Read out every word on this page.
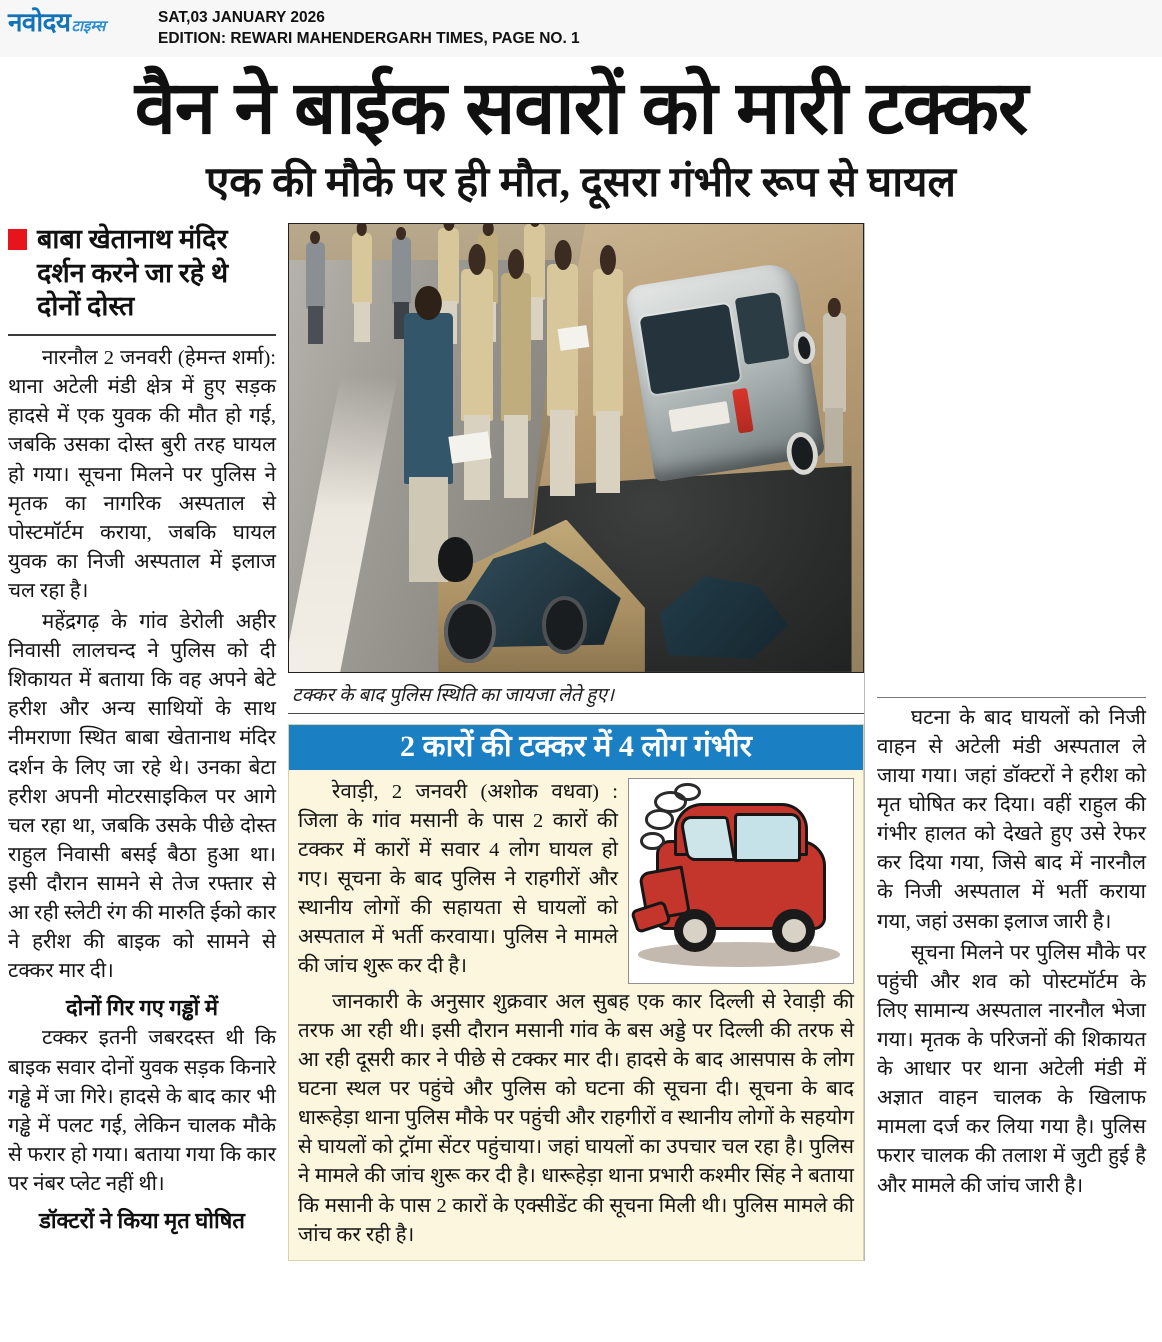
नवोदय टाइम्स
SAT,03 JANUARY 2026
EDITION: REWARI MAHENDERGARH TIMES, PAGE NO. 1
वैन ने बाईक सवारों को मारी टक्कर
एक की मौके पर ही मौत, दूसरा गंभीर रूप से घायल
बाबा खेतानाथ मंदिर दर्शन करने जा रहे थे दोनों दोस्त

नारनौल 2 जनवरी (हेमन्त शर्मा): थाना अटेली मंडी क्षेत्र में हुए सड़क हादसे में एक युवक की मौत हो गई, जबकि उसका दोस्त बुरी तरह घायल हो गया। सूचना मिलने पर पुलिस ने मृतक का नागरिक अस्पताल से पोस्टमॉर्टम कराया, जबकि घायल युवक का निजी अस्पताल में इलाज चल रहा है।

महेंद्रगढ़ के गांव डेरोली अहीर निवासी लालचन्द ने पुलिस को दी शिकायत में बताया कि वह अपने बेटे हरीश और अन्य साथियों के साथ नीमराणा स्थित बाबा खेतानाथ मंदिर दर्शन के लिए जा रहे थे। उनका बेटा हरीश अपनी मोटरसाइकिल पर आगे चल रहा था, जबकि उसके पीछे दोस्त राहुल निवासी बसई बैठा हुआ था। इसी दौरान सामने से तेज रफ्तार से आ रही स्लेटी रंग की मारुति ईको कार ने हरीश की बाइक को सामने से टक्कर मार दी।

दोनों गिर गए गड्ढों में

टक्कर इतनी जबरदस्त थी कि बाइक सवार दोनों युवक सड़क किनारे गड्ढे में जा गिरे। हादसे के बाद कार भी गड्ढे में पलट गई, लेकिन चालक मौके से फरार हो गया। बताया गया कि कार पर नंबर प्लेट नहीं थी।

डॉक्टरों ने किया मृत घोषित
टक्कर के बाद पुलिस स्थिति का जायजा लेते हुए।
2 कारों की टक्कर में 4 लोग गंभीर

रेवाड़ी, 2 जनवरी (अशोक वधवा) : जिला के गांव मसानी के पास 2 कारों की टक्कर में कारों में सवार 4 लोग घायल हो गए। सूचना के बाद पुलिस ने राहगीरों और स्थानीय लोगों की सहायता से घायलों को अस्पताल में भर्ती करवाया। पुलिस ने मामले की जांच शुरू कर दी है।

जानकारी के अनुसार शुक्रवार अल सुबह एक कार दिल्ली से रेवाड़ी की तरफ आ रही थी। इसी दौरान मसानी गांव के बस अड्डे पर दिल्ली की तरफ से आ रही दूसरी कार ने पीछे से टक्कर मार दी। हादसे के बाद आसपास के लोग घटना स्थल पर पहुंचे और पुलिस को घटना की सूचना दी। सूचना के बाद धारूहेड़ा थाना पुलिस मौके पर पहुंची और राहगीरों व स्थानीय लोगों के सहयोग से घायलों को ट्रॉमा सेंटर पहुंचाया। जहां घायलों का उपचार चल रहा है। पुलिस ने मामले की जांच शुरू कर दी है। धारूहेड़ा थाना प्रभारी कश्मीर सिंह ने बताया कि मसानी के पास 2 कारों के एक्सीडेंट की सूचना मिली थी। पुलिस मामले की जांच कर रही है।

घटना के बाद घायलों को निजी वाहन से अटेली मंडी अस्पताल ले जाया गया। जहां डॉक्टरों ने हरीश को मृत घोषित कर दिया। वहीं राहुल की गंभीर हालत को देखते हुए उसे रेफर कर दिया गया, जिसे बाद में नारनौल के निजी अस्पताल में भर्ती कराया गया, जहां उसका इलाज जारी है।

सूचना मिलने पर पुलिस मौके पर पहुंची और शव को पोस्टमॉर्टम के लिए सामान्य अस्पताल नारनौल भेजा गया। मृतक के परिजनों की शिकायत के आधार पर थाना अटेली मंडी में अज्ञात वाहन चालक के खिलाफ मामला दर्ज कर लिया गया है। पुलिस फरार चालक की तलाश में जुटी हुई है और मामले की जांच जारी है।
